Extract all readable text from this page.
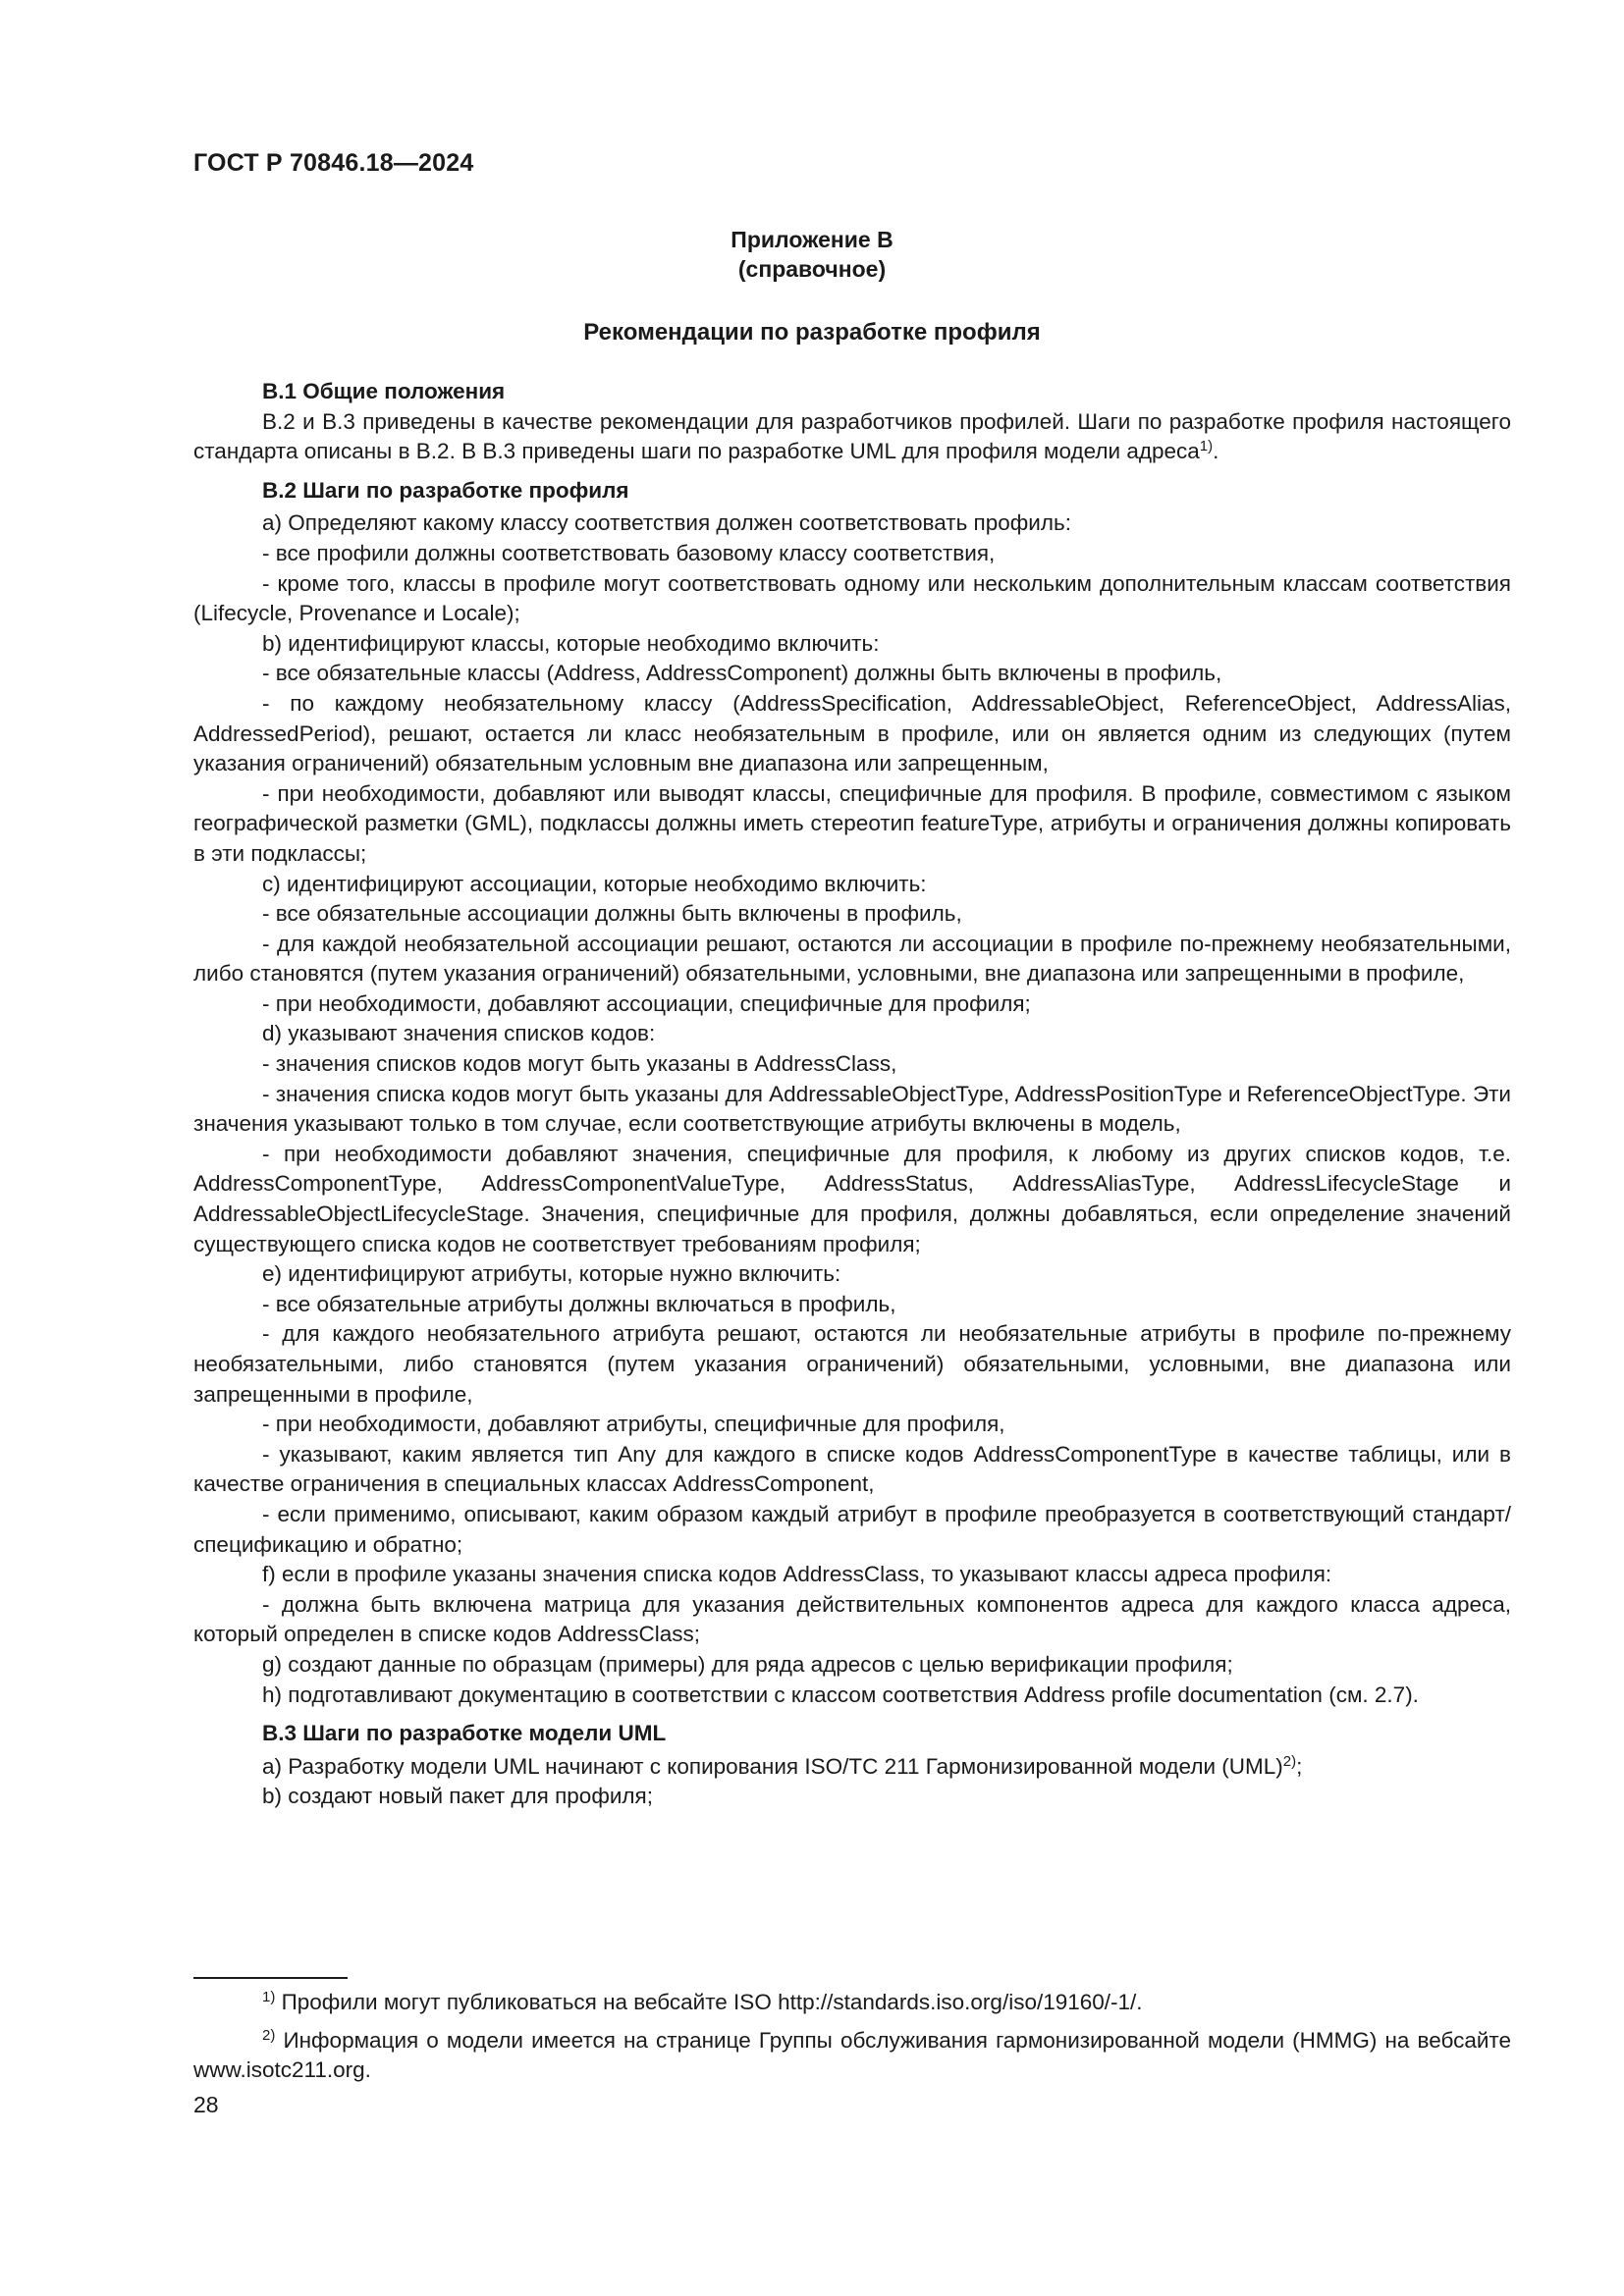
ГОСТ Р 70846.18—2024
Приложение В
(справочное)
Рекомендации по разработке профиля
В.1 Общие положения

В.2 и В.3 приведены в качестве рекомендации для разработчиков профилей. Шаги по разработке профиля настоящего стандарта описаны в В.2. В В.3 приведены шаги по разработке UML для профиля модели адреса$^{1)}$.

В.2 Шаги по разработке профиля

а) Определяют какому классу соответствия должен соответствовать профиль:

- все профили должны соответствовать базовому классу соответствия,

- кроме того, классы в профиле могут соответствовать одному или нескольким дополнительным классам соответствия (Lifecycle, Provenance и Locale);

b) идентифицируют классы, которые необходимо включить:

- все обязательные классы (Address, AddressComponent) должны быть включены в профиль,

- по каждому необязательному классу (AddressSpecification, AddressableObject, ReferenceObject, AddressAlias, AddressedPeriod), решают, остается ли класс необязательным в профиле, или он является одним из следующих (путем указания ограничений) обязательным условным вне диапазона или запрещенным,

- при необходимости, добавляют или выводят классы, специфичные для профиля. В профиле, совместимом с языком географической разметки (GML), подклассы должны иметь стереотип featureType, атрибуты и ограничения должны копировать в эти подклассы;

с) идентифицируют ассоциации, которые необходимо включить:

- все обязательные ассоциации должны быть включены в профиль,

- для каждой необязательной ассоциации решают, остаются ли ассоциации в профиле по-прежнему необязательными, либо становятся (путем указания ограничений) обязательными, условными, вне диапазона или запрещенными в профиле,

- при необходимости, добавляют ассоциации, специфичные для профиля;

d) указывают значения списков кодов:

- значения списков кодов могут быть указаны в AddressClass,

- значения списка кодов могут быть указаны для AddressableObjectType, AddressPositionType и ReferenceObjectType. Эти значения указывают только в том случае, если соответствующие атрибуты включены в модель,

- при необходимости добавляют значения, специфичные для профиля, к любому из других списков кодов, т.е. AddressComponentType, AddressComponentValueType, AddressStatus, AddressAliasType, AddressLifecycleStage и AddressableObjectLifecycleStage. Значения, специфичные для профиля, должны добавляться, если определение значений существующего списка кодов не соответствует требованиям профиля;

е) идентифицируют атрибуты, которые нужно включить:

- все обязательные атрибуты должны включаться в профиль,

- для каждого необязательного атрибута решают, остаются ли необязательные атрибуты в профиле по-прежнему необязательными, либо становятся (путем указания ограничений) обязательными, условными, вне диапазона или запрещенными в профиле,

- при необходимости, добавляют атрибуты, специфичные для профиля,

- указывают, каким является тип Any для каждого в списке кодов AddressComponentType в качестве таблицы, или в качестве ограничения в специальных классах AddressComponent,

- если применимо, описывают, каким образом каждый атрибут в профиле преобразуется в соответствующий стандарт/спецификацию и обратно;

f) если в профиле указаны значения списка кодов AddressClass, то указывают классы адреса профиля:

- должна быть включена матрица для указания действительных компонентов адреса для каждого класса адреса, который определен в списке кодов AddressClass;

g) создают данные по образцам (примеры) для ряда адресов с целью верификации профиля;

h) подготавливают документацию в соответствии с классом соответствия Address profile documentation (см. 2.7).

В.3 Шаги по разработке модели UML

а) Разработку модели UML начинают с копирования ISO/TC 211 Гармонизированной модели (UML)$^{2)}$;

b) создают новый пакет для профиля;

$^{1)}$ Профили могут публиковаться на вебсайте ISO http://standards.iso.org/iso/19160/-1/.

$^{2)}$ Информация о модели имеется на странице Группы обслуживания гармонизированной модели (HMMG) на вебсайте www.isotc211.org.

28
